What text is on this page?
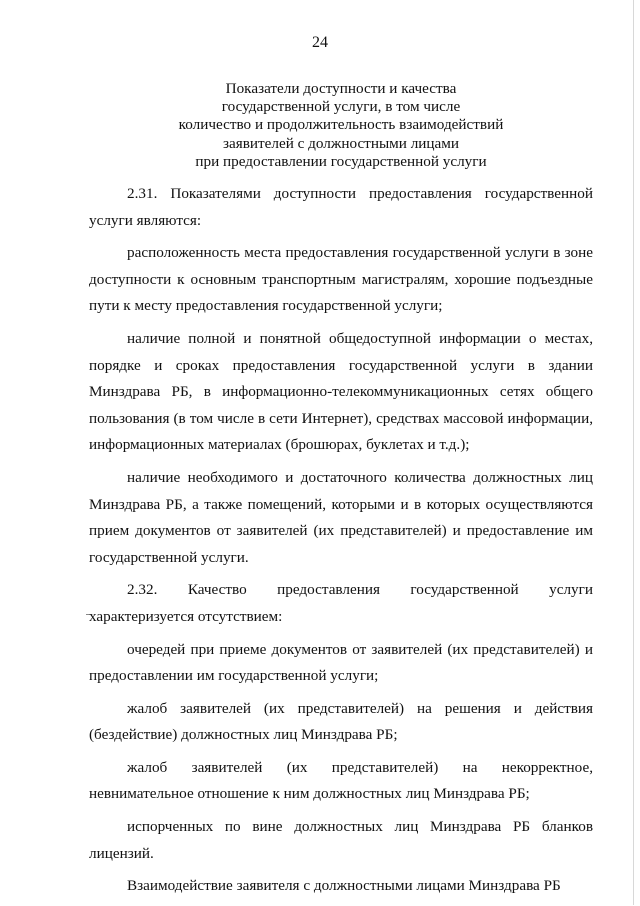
24
Показатели доступности и качества
государственной услуги, в том числе
количество и продолжительность взаимодействий
заявителей с должностными лицами
при предоставлении государственной услуги

2.31. Показателями доступности предоставления государственной услуги являются:

расположенность места предоставления государственной услуги в зоне доступности к основным транспортным магистралям, хорошие подъездные пути к месту предоставления государственной услуги;

наличие полной и понятной общедоступной информации о местах, порядке и сроках предоставления государственной услуги в здании Минздрава РБ, в информационно-телекоммуникационных сетях общего пользования (в том числе в сети Интернет), средствах массовой информации, информационных материалах (брошюрах, буклетах и т.д.);

наличие необходимого и достаточного количества должностных лиц Минздрава РБ, а также помещений, которыми и в которых осуществляются прием документов от заявителей (их представителей) и предоставление им государственной услуги.

2.32. Качество предоставления государственной услуги характеризуется отсутствием:

очередей при приеме документов от заявителей (их представителей) и предоставлении им государственной услуги;

жалоб заявителей (их представителей) на решения и действия (бездействие) должностных лиц Минздрава РБ;

жалоб заявителей (их представителей) на некорректное, невнимательное отношение к ним должностных лиц Минздрава РБ;

испорченных по вине должностных лиц Минздрава РБ бланков лицензий.

Взаимодействие заявителя с должностными лицами Минздрава РБ
